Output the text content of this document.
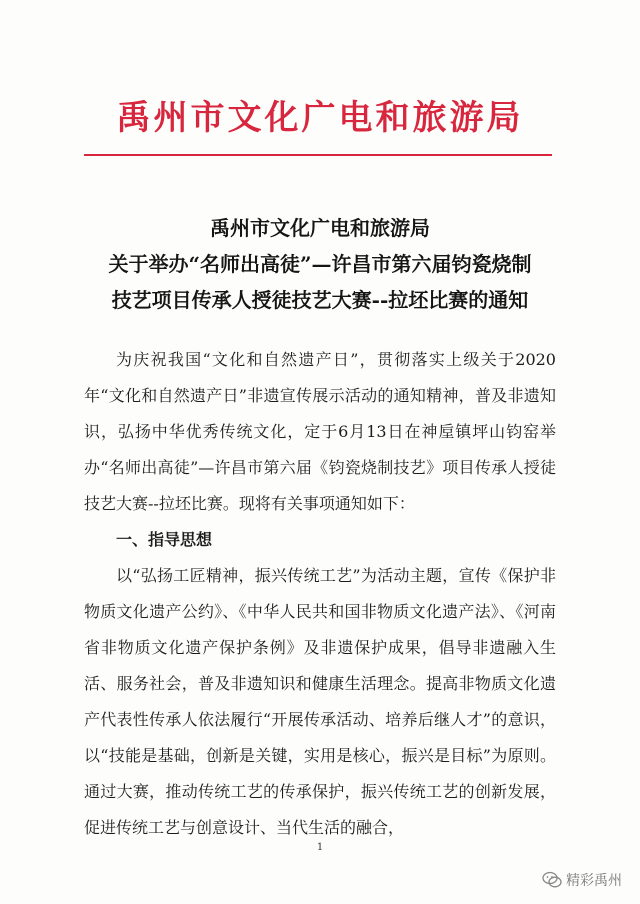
禹州市文化广电和旅游局
禹州市文化广电和旅游局
关于举办“名师出高徒”—许昌市第六届钧瓷烧制
技艺项目传承人授徒技艺大赛--拉坯比赛的通知

为庆祝我国“文化和自然遗产日”，贯彻落实上级关于2020年“文化和自然遗产日”非遗宣传展示活动的通知精神，普及非遗知识，弘扬中华优秀传统文化，定于6月13日在神垕镇坪山钧窑举办“名师出高徒”—许昌市第六届《钧瓷烧制技艺》项目传承人授徒技艺大赛--拉坯比赛。现将有关事项通知如下：

一、指导思想

以“弘扬工匠精神，振兴传统工艺”为活动主题，宣传《保护非物质文化遗产公约》、《中华人民共和国非物质文化遗产法》、《河南省非物质文化遗产保护条例》及非遗保护成果，倡导非遗融入生活、服务社会，普及非遗知识和健康生活理念。提高非物质文化遗产代表性传承人依法履行“开展传承活动、培养后继人才”的意识，以“技能是基础，创新是关键，实用是核心，振兴是目标”为原则。通过大赛，推动传统工艺的传承保护，振兴传统工艺的创新发展，促进传统工艺与创意设计、当代生活的融合，

1
精彩禹州
